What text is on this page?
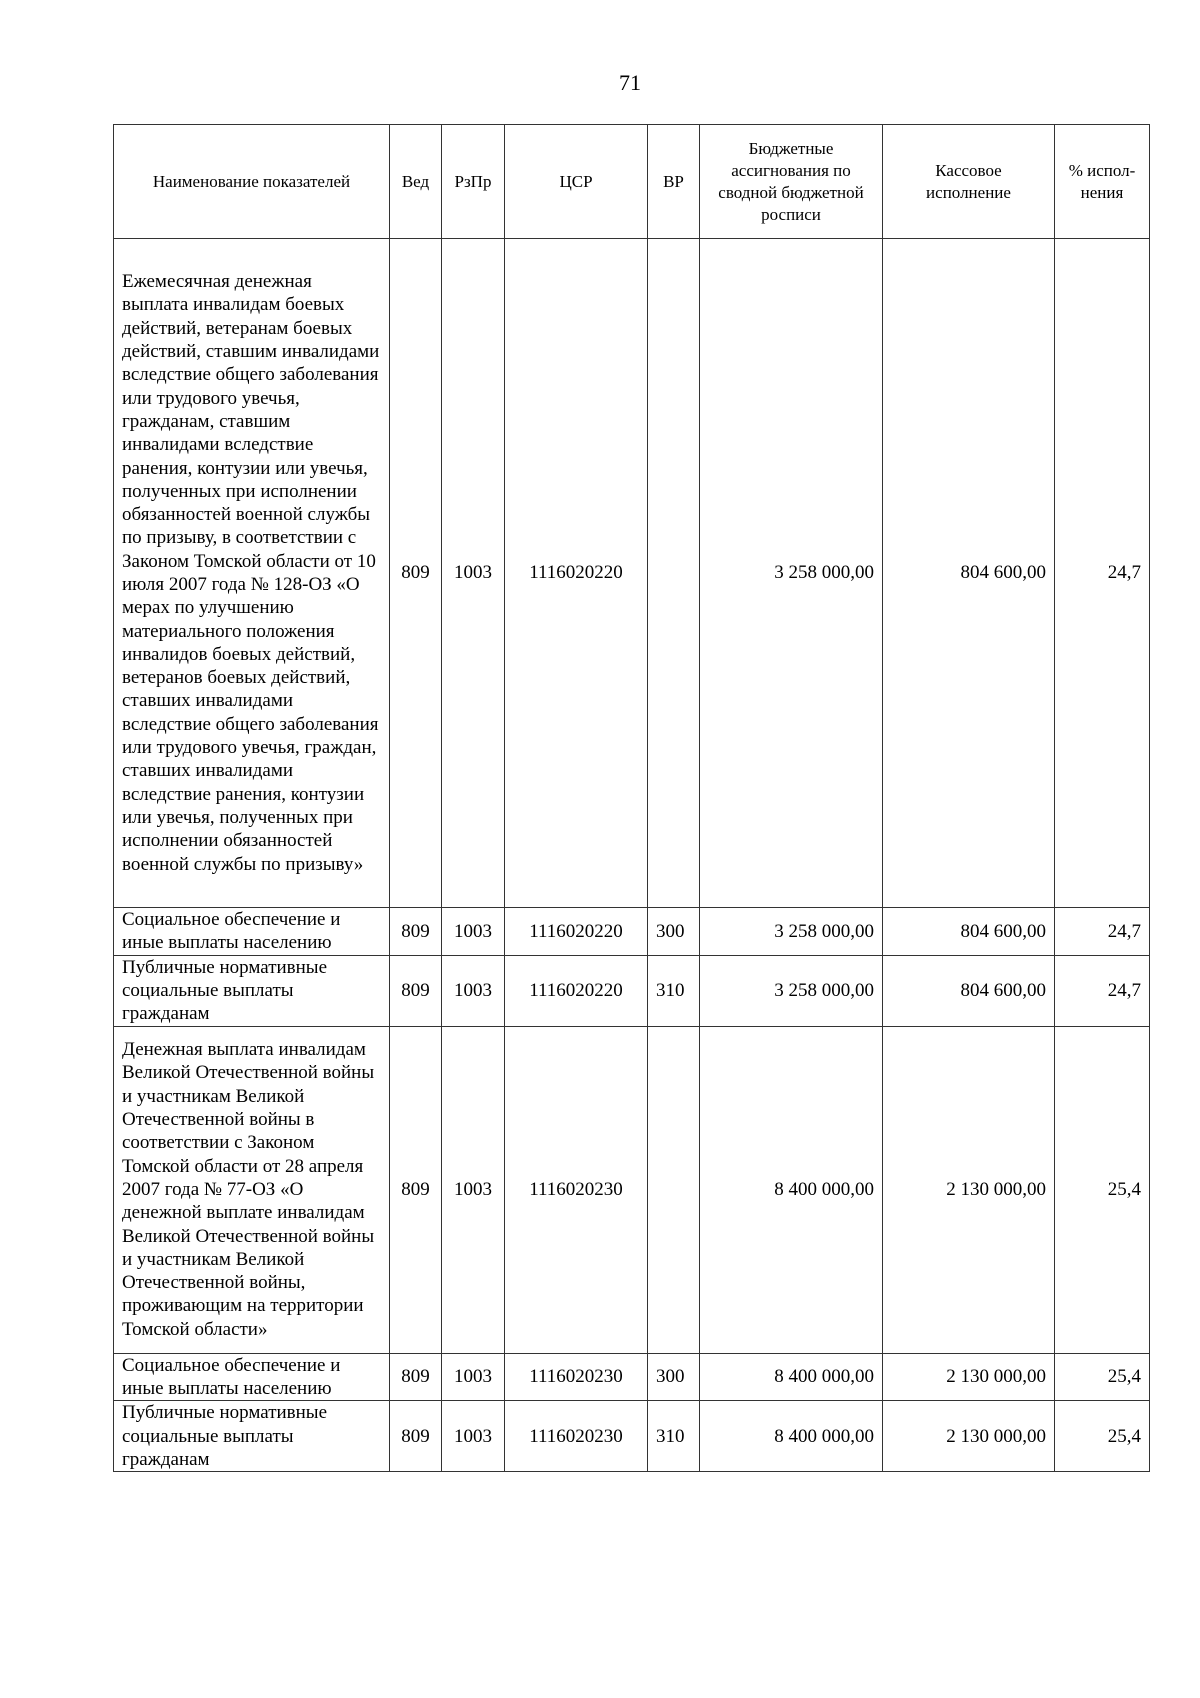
71
Наименование показателей	Вед	РзПр	ЦСР	ВР	Бюджетные ассигнования по сводной бюджетной росписи	Кассовое исполнение	% испол-нения
Ежемесячная денежная выплата инвалидам боевых действий, ветеранам боевых действий, ставшим инвалидами вследствие общего заболевания или трудового увечья, гражданам, ставшим инвалидами вследствие ранения, контузии или увечья, полученных при исполнении обязанностей военной службы по призыву, в соответствии с Законом Томской области от 10 июля 2007 года № 128-ОЗ «О мерах по улучшению материального положения инвалидов боевых действий, ветеранов боевых действий, ставших инвалидами вследствие общего заболевания или трудового увечья, граждан, ставших инвалидами вследствие ранения, контузии или увечья, полученных при исполнении обязанностей военной службы по призыву»	809	1003	1116020220		3 258 000,00	804 600,00	24,7
Социальное обеспечение и иные выплаты населению	809	1003	1116020220	300	3 258 000,00	804 600,00	24,7
Публичные нормативные социальные выплаты гражданам	809	1003	1116020220	310	3 258 000,00	804 600,00	24,7
Денежная выплата инвалидам Великой Отечественной войны и участникам Великой Отечественной войны в соответствии с Законом Томской области от 28 апреля 2007 года № 77-ОЗ «О денежной выплате инвалидам Великой Отечественной войны и участникам Великой Отечественной войны, проживающим на территории Томской области»	809	1003	1116020230		8 400 000,00	2 130 000,00	25,4
Социальное обеспечение и иные выплаты населению	809	1003	1116020230	300	8 400 000,00	2 130 000,00	25,4
Публичные нормативные социальные выплаты гражданам	809	1003	1116020230	310	8 400 000,00	2 130 000,00	25,4
